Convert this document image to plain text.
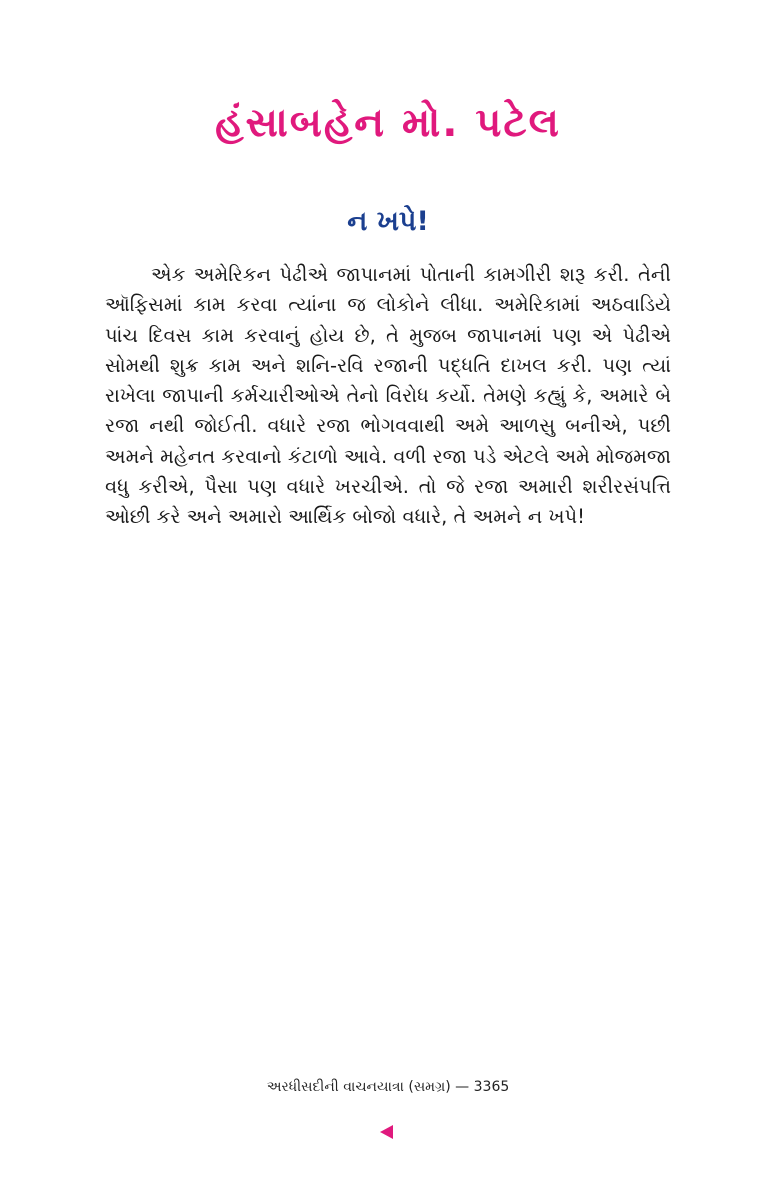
હંસાબહેન મો. પટેલ
ન ખપે!

એક અમેરિકન પેઢીએ જાપાનમાં પોતાની કામગીરી શરૂ કરી. તેની ઑફિસમાં કામ કરવા ત્યાંના જ લોકોને લીધા. અમેરિકામાં અઠવાડિયે પાંચ દિવસ કામ કરવાનું હોય છે, તે મુજબ જાપાનમાં પણ એ પેઢીએ સોમથી શુક્ર કામ અને શનિ-રવિ રજાની પદ્ધતિ દાખલ કરી. પણ ત્યાં રાખેલા જાપાની કર્મચારીઓએ તેનો વિરોધ કર્યો. તેમણે કહ્યું કે, અમારે બે રજા નથી જોઈતી. વધારે રજા ભોગવવાથી અમે આળસુ બનીએ, પછી અમને મહેનત કરવાનો કંટાળો આવે. વળી રજા પડે એટલે અમે મોજમજા વધુ કરીએ, પૈસા પણ વધારે ખરચીએ. તો જે રજા અમારી શરીરસંપત્તિ ઓછી કરે અને અમારો આર્થિક બોજો વધારે, તે અમને ન ખપે!

અરધીસદીની વાચનયાત્રા (સમગ્ર) — 3365
